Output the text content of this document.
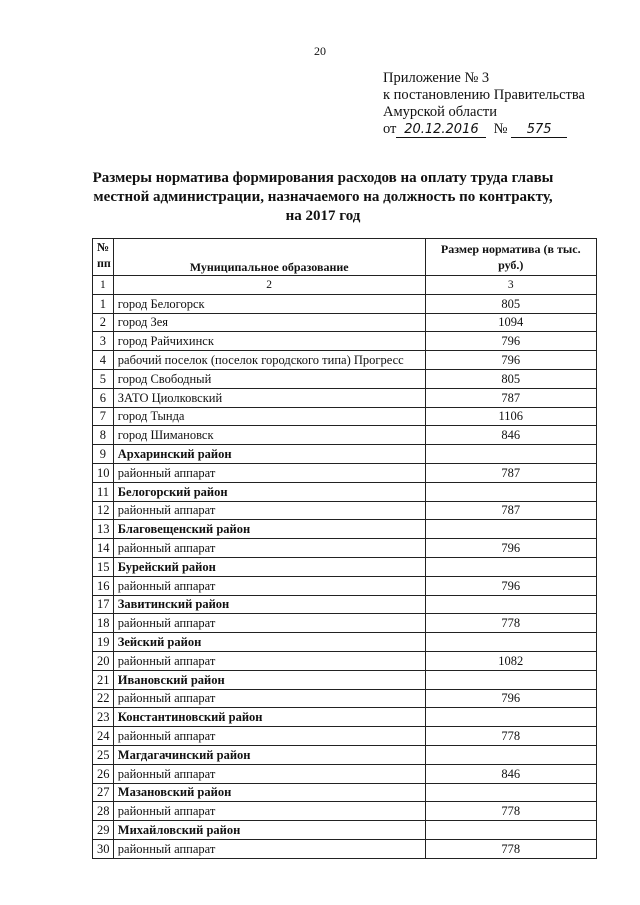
20
Приложение № 3
к постановлению Правительства
Амурской области
от 20.12.2016 № 575
Размеры норматива формирования расходов на оплату труда главы местной администрации, назначаемого на должность по контракту, на 2017 год
№ пп	Муниципальное образование	Размер норматива (в тыс. руб.)
1	2	3
1	город Белогорск	805
2	город Зея	1094
3	город Райчихинск	796
4	рабочий поселок (поселок городского типа) Прогресс	796
5	город Свободный	805
6	ЗАТО Циолковский	787
7	город Тында	1106
8	город Шимановск	846
9	Архаринский район	
10	районный аппарат	787
11	Белогорский район	
12	районный аппарат	787
13	Благовещенский район	
14	районный аппарат	796
15	Бурейский район	
16	районный аппарат	796
17	Завитинский район	
18	районный аппарат	778
19	Зейский район	
20	районный аппарат	1082
21	Ивановский район	
22	районный аппарат	796
23	Константиновский район	
24	районный аппарат	778
25	Магдагачинский район	
26	районный аппарат	846
27	Мазановский район	
28	районный аппарат	778
29	Михайловский район	
30	районный аппарат	778
